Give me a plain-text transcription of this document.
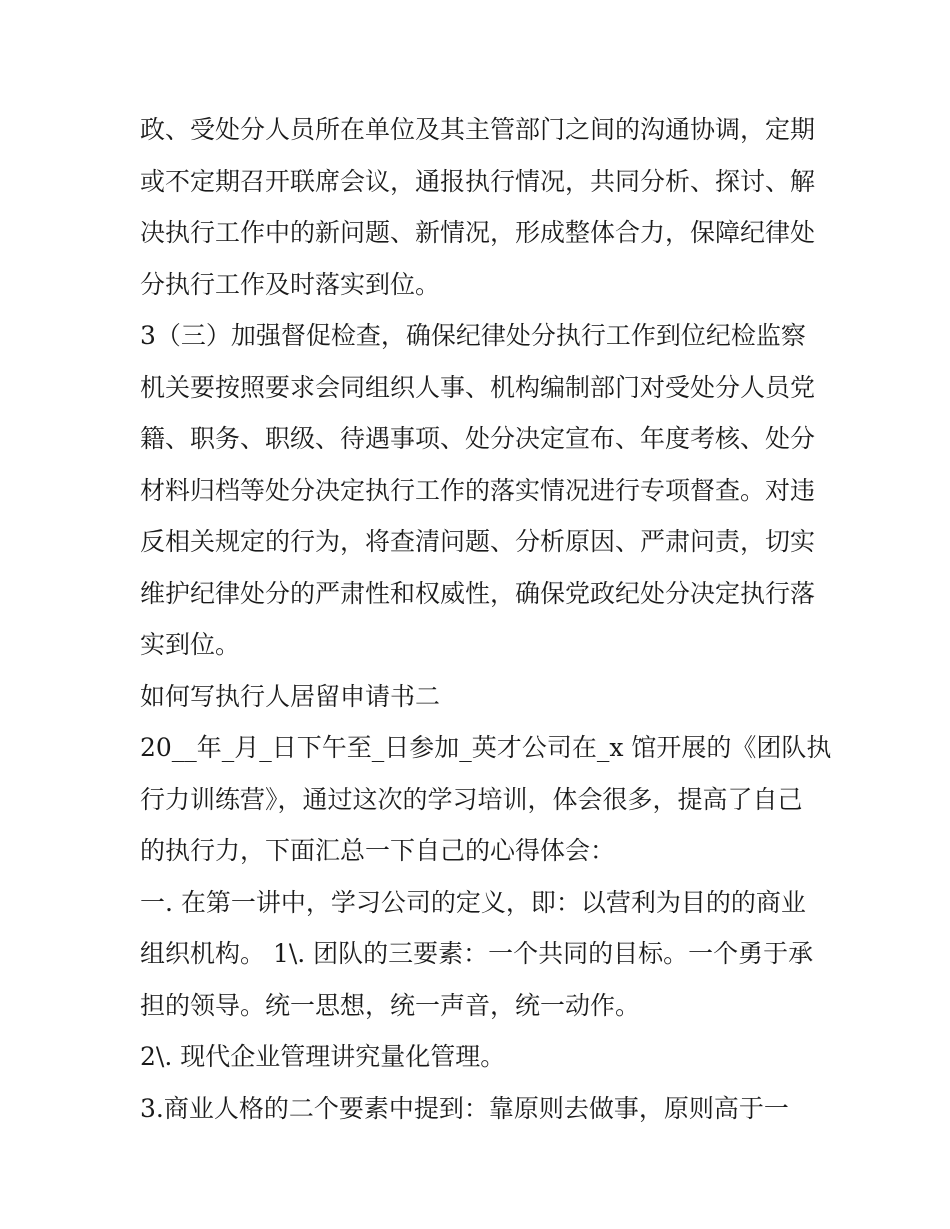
政、受处分人员所在单位及其主管部门之间的沟通协调，定期
或不定期召开联席会议，通报执行情况，共同分析、探讨、解
决执行工作中的新问题、新情况，形成整体合力，保障纪律处
分执行工作及时落实到位。
3（三）加强督促检查，确保纪律处分执行工作到位纪检监察
机关要按照要求会同组织人事、机构编制部门对受处分人员党
籍、职务、职级、待遇事项、处分决定宣布、年度考核、处分
材料归档等处分决定执行工作的落实情况进行专项督查。对违
反相关规定的行为，将查清问题、分析原因、严肃问责，切实
维护纪律处分的严肃性和权威性，确保党政纪处分决定执行落
实到位。
如何写执行人居留申请书二
20__年_月_日下午至_日参加_英才公司在_x 馆开展的《团队执
行力训练营》，通过这次的学习培训，体会很多，提高了自己
的执行力，下面汇总一下自己的心得体会：
一. 在第一讲中，学习公司的定义，即：以营利为目的的商业
组织机构。 1\. 团队的三要素：一个共同的目标。一个勇于承
担的领导。统一思想，统一声音，统一动作。
2\. 现代企业管理讲究量化管理。
3.商业人格的二个要素中提到：靠原则去做事，原则高于一
